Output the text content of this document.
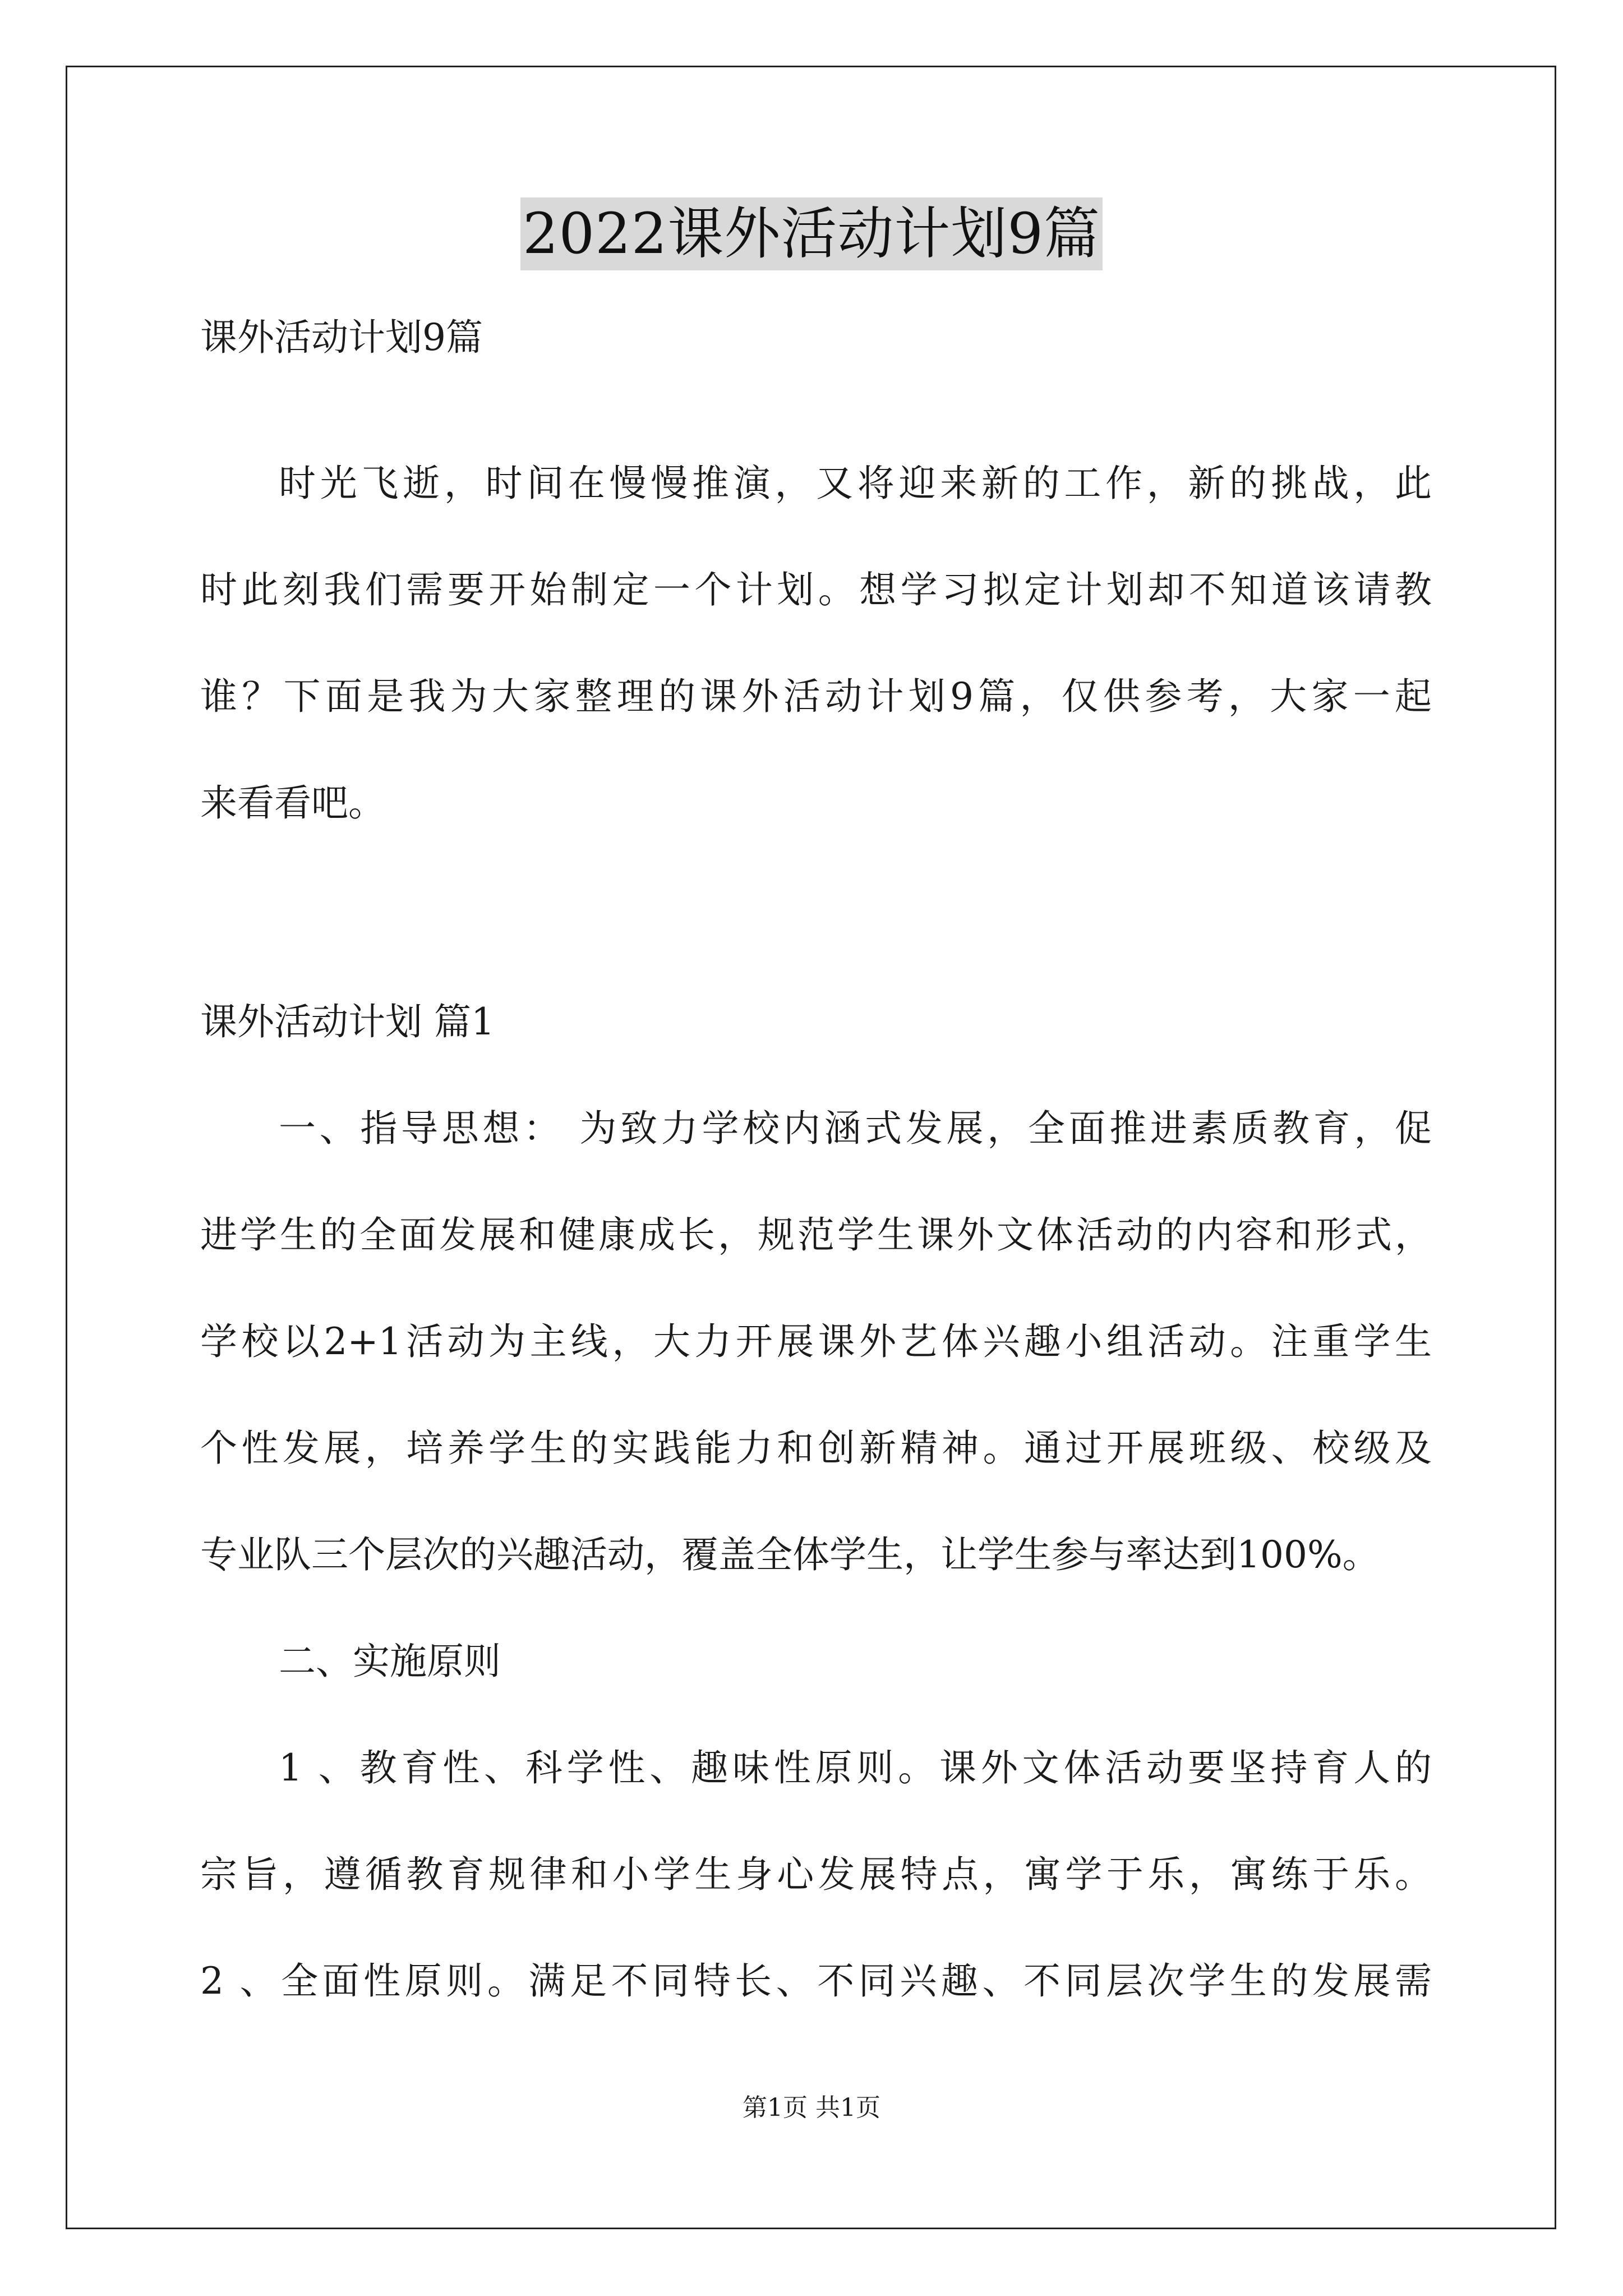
2022课外活动计划9篇
课外活动计划9篇
时光飞逝，时间在慢慢推演，又将迎来新的工作，新的挑战，此
时此刻我们需要开始制定一个计划。想学习拟定计划却不知道该请教
谁？下面是我为大家整理的课外活动计划9篇，仅供参考，大家一起
来看看吧。
课外活动计划 篇1
一、指导思想： 为致力学校内涵式发展，全面推进素质教育，促
进学生的全面发展和健康成长，规范学生课外文体活动的内容和形式，
学校以2+1活动为主线，大力开展课外艺体兴趣小组活动。注重学生
个性发展，培养学生的实践能力和创新精神。通过开展班级、校级及
专业队三个层次的兴趣活动，覆盖全体学生，让学生参与率达到100%。
二、实施原则
1 、教育性、科学性、趣味性原则。课外文体活动要坚持育人的
宗旨，遵循教育规律和小学生身心发展特点，寓学于乐，寓练于乐。
2 、全面性原则。满足不同特长、不同兴趣、不同层次学生的发展需
第1页 共1页
